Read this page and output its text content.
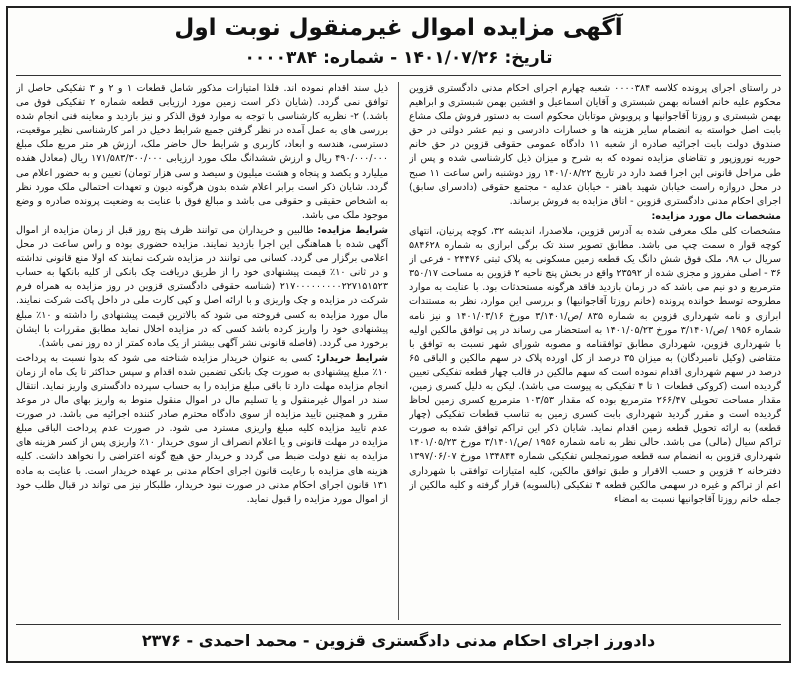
آگهی مزایده اموال غیرمنقول نوبت اول
تاریخ: ۱۴۰۱/۰۷/۲۶ - شماره: ۰۰۰۰۳۸۴

در راستای اجرای پرونده کلاسه ۰۰۰۰۳۸۴ شعبه چهارم اجرای احکام مدنی دادگستری قزوین محکوم علیه خانم افسانه بهمن شبستری و آقایان اسماعیل و افشین بهمن شبستری و ابراهیم بهمن شبستری و روزتا آقاجوانیها و پرویوش موتابان محکوم است به دستور فروش ملک مشاع بابت اصل خواسته به انضمام سایر هزینه ها و خسارات دادرسی و نیم عشر دولتی در حق صندوق دولت بابت اجرائیه صادره از شعبه ۱۱ دادگاه عمومی حقوقی قزوین در حق خانم حوریه نوروزپور و تقاضای مزایده نموده که به شرح و میزان ذیل کارشناسی شده و پس از طی مراحل قانونی این اجرا قصد دارد در تاریخ ۱۴۰۱/۰۸/۲۲ روز دوشنبه راس ساعت ۱۱ صبح در محل دروازه راست خیابان شهید باهنر - خیابان عدلیه - مجتمع حقوقی (دادسرای سابق) اجرای احکام مدنی دادگستری قزوین - اتاق مزایده به فروش برساند.

مشخصات مال مورد مزایده:

مشخصات کلی ملک معرفی شده به آدرس قزوین، ملاصدرا، اندیشه ۳۲، کوچه پرنیان، انتهای کوچه قوار ه سمت چپ می باشد. مطابق تصویر سند تک برگی ابرازی به شماره ۵۸۴۶۲۸ سریال ب ۹۸، ملک فوق شش دانگ یک قطعه زمین مسکونی به پلاک ثبتی ۲۴۴۷۶ - فرعی از ۳۶ - اصلی مفروز و مجزی شده از ۲۳۵۹۲ واقع در بخش پنج ناحیه ۲ قزوین به مساحت ۳۵۰/۱۷ مترمربع و دو نیم می باشد که در زمان بازدید فاقد هرگونه مستحدثات بود. با عنایت به موارد مطروحه توسط خوانده پرونده (خانم روزتا آقاجوانیها) و بررسی این موارد، نظر به مستندات ابرازی و نامه شهرداری قزوین به شماره ۸۳۵ /ص/۳/۱۴۰۱ مورخ ۱۴۰۱/۰۳/۱۶ و نیز نامه شماره ۱۹۵۶ /ص/۳/۱۴۰۱ مورخ ۱۴۰۱/۰۵/۲۳ به استحضار می رساند در پی توافق مالکین اولیه با شهرداری قزوین، شهرداری مطابق توافقنامه و مصوبه شورای شهر نسبت به توافق با متقاضی (وکیل نامبردگان) به میزان ۳۵ درصد از کل اورده پلاک در سهم مالکین و الباقی ۶۵ درصد در سهم شهرداری اقدام نموده است که سهم مالکین در قالب چهار قطعه تفکیکی تعیین گردیده است (کروکی قطعات ۱ تا ۴ تفکیکی به پیوست می باشد). لیکن به دلیل کسری زمین، مقدار مساحت تحویلی ۲۶۶/۴۷ مترمربع بوده که مقدار ۱۰۳/۵۳ مترمربع کسری زمین لحاظ گردیده است و مقرر گردید شهرداری بابت کسری زمین به تناسب قطعات تفکیکی (چهار قطعه) به ارائه تحویل قطعه زمین اقدام نماید. شایان ذکر این تراکم توافق شده به صورت تراکم سیال (مالی) می باشد. حالی نظر به نامه شماره ۱۹۵۶ /ص/۳/۱۴۰۱ مورخ ۱۴۰۱/۰۵/۲۳ شهرداری قزوین به انضمام سه قطعه صورتمجلس تفکیکی شماره ۱۳۴۸۴۴ مورخ ۱۳۹۷/۰۶/۰۷ دفترخانه ۲ قزوین و حسب الاقرار و طبق توافق مالکین، کلیه امتیازات توافقی با شهرداری اعم از تراکم و غیره در سهمی مالکین قطعه ۴ تفکیکی (بالسویه) قرار گرفته و کلیه مالکین از جمله خانم روزتا آقاجوانیها نسبت به امضاء

ذیل سند اقدام نموده اند. فلذا امتیازات مذکور شامل قطعات ۱ و ۲ و ۳ تفکیکی حاصل از توافق نمی گردد. (شایان ذکر است زمین مورد ارزیابی قطعه شماره ۲ تفکیکی فوق می باشد.) ۲- نظریه کارشناسی با توجه به موارد فوق الذکر و نیز بازدید و معاینه فنی انجام شده بررسی های به عمل آمده در نظر گرفتن جمیع شرایط دخیل در امر کارشناسی نظیر موقعیت، دسترسی، هندسه و ابعاد، کاربری و شرایط حال حاضر ملک، ارزش هر متر مربع ملک مبلغ ۴۹۰/۰۰۰/۰۰۰ ریال و ارزش ششدانگ ملک مورد ارزیابی ۱۷۱/۵۸۳/۳۰۰/۰۰۰ ریال (معادل هفده میلیارد و یکصد و پنجاه و هشت میلیون و سیصد و سی هزار تومان) تعیین و به حضور اعلام می گردد. شایان ذکر است برابر اعلام شده بدون هرگونه دیون و تعهدات احتمالی ملک مورد نظر به اشخاص حقیقی و حقوقی می باشد و مبالغ فوق با عنایت به وضعیت پرونده صادره و وضع موجود ملک می باشد.

شرایط مزایده: طالبین و خریداران می توانند ظرف پنج روز قبل از زمان مزایده از اموال آگهی شده با هماهنگی این اجرا بازدید نمایند. مزایده حضوری بوده و راس ساعت در محل اعلامی برگزار می گردد. کسانی می توانند در مزایده شرکت نمایند که اولا منع قانونی نداشته و در ثانی ۱۰٪ قیمت پیشنهادی خود را از طریق دریافت چک بانکی از کلیه بانکها به حساب ۲۱۷۰۰۰۰۰۰۰۰۰۲۲۷۱۵۱۵۲۳ (شناسه حقوقی دادگستری قزوین در روز مزایده به همراه فرم شرکت در مزایده و چک واریزی و با ارائه اصل و کپی کارت ملی در داخل پاکت شرکت نمایند. مال مورد مزایده به کسی فروخته می شود که بالاترین قیمت پیشنهادی را داشته و ۱۰٪ مبلغ پیشنهادی خود را واریز کرده باشد کسی که در مزایده اخلال نماید مطابق مقررات با ایشان برخورد می گردد. (فاصله قانونی نشر آگهی بیشتر از یک ماده کمتر از ده روز نمی باشد).

شرایط خریدار: کسی به عنوان خریدار مزایده شناخته می شود که بدوا نسبت به پرداخت ۱۰٪ مبلغ پیشنهادی به صورت چک بانکی تضمین شده اقدام و سپس حداکثر تا یک ماه از زمان انجام مزایده مهلت دارد تا باقی مبلغ مزایده را به حساب سپرده دادگستری واریز نماید. انتقال سند در اموال غیرمنقول و یا تسلیم مال در اموال منقول منوط به واریز بهای مال در موعد مقرر و همچنین تایید مزایده از سوی دادگاه محترم صادر کننده اجرائیه می باشد. در صورت عدم تایید مزایده کلیه مبلغ واریزی مسترد می شود. در صورت عدم پرداخت الباقی مبلغ مزایده در مهلت قانونی و یا اعلام انصراف از سوی خریدار ۱۰٪ واریزی پس از کسر هزینه های مزایده به نفع دولت ضبط می گردد و خریدار حق هیچ گونه اعتراضی را نخواهد داشت. کلیه هزینه های مزایده با رعایت قانون اجرای احکام مدنی بر عهده خریدار است. با عنایت به ماده ۱۳۱ قانون اجرای احکام مدنی در صورت نبود خریدار، طلبکار نیز می تواند در قبال طلب خود از اموال مورد مزایده را قبول نماید.

دادورز اجرای احکام مدنی دادگستری قزوین - محمد احمدی - ۲۳۷۶
